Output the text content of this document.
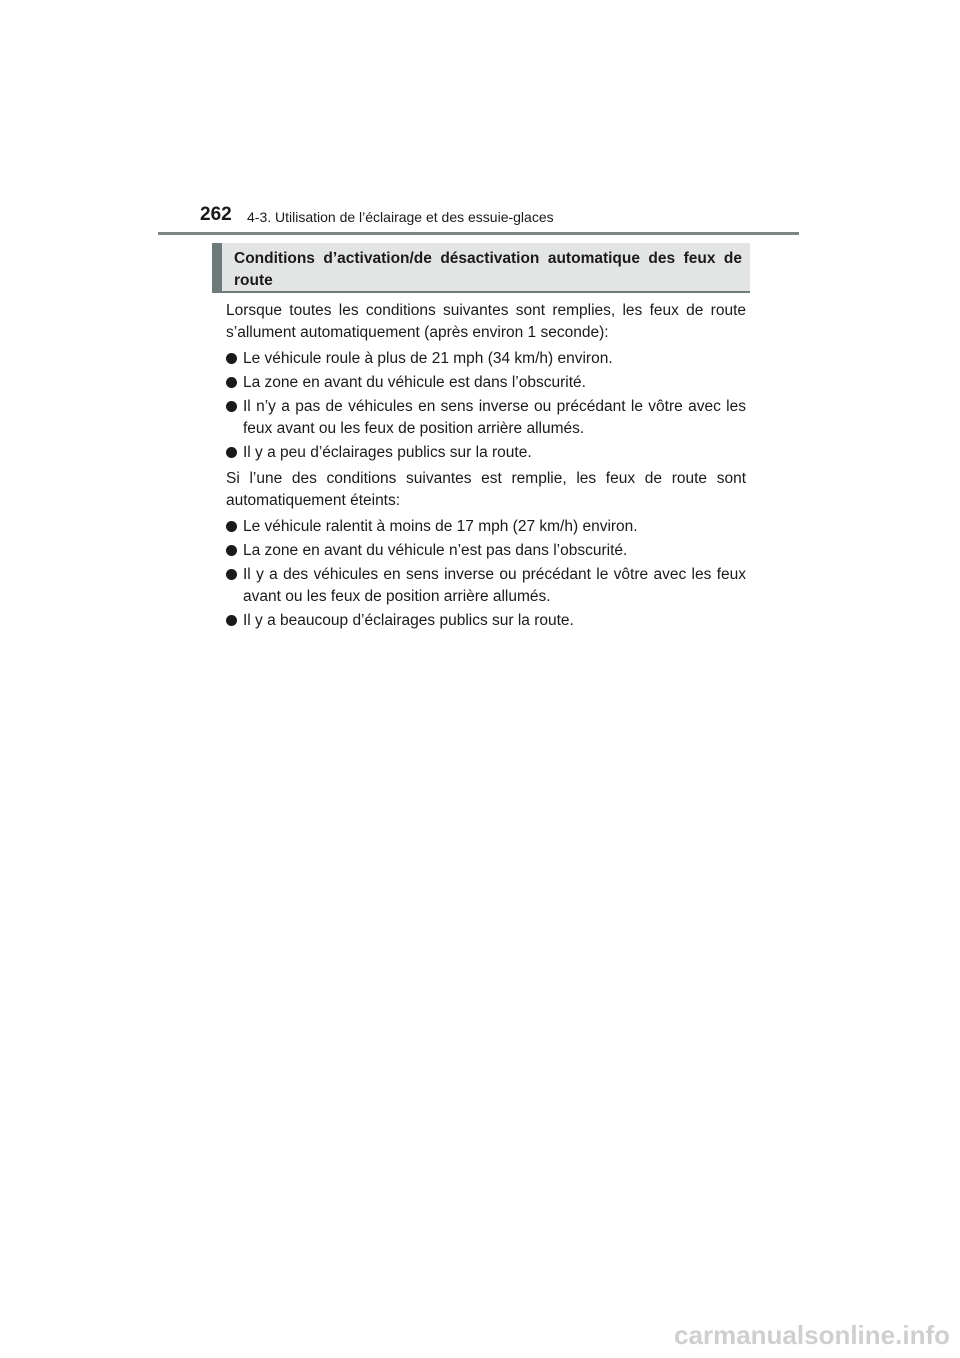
262 4-3. Utilisation de l’éclairage et des essuie-glaces

Conditions d’activation/de désactivation automatique des feux de route

Lorsque toutes les conditions suivantes sont remplies, les feux de route s’allument automatiquement (après environ 1 seconde):

Le véhicule roule à plus de 21 mph (34 km/h) environ.
La zone en avant du véhicule est dans l’obscurité.
Il n’y a pas de véhicules en sens inverse ou précédant le vôtre avec les feux avant ou les feux de position arrière allumés.
Il y a peu d’éclairages publics sur la route.

Si l’une des conditions suivantes est remplie, les feux de route sont automatiquement éteints:

Le véhicule ralentit à moins de 17 mph (27 km/h) environ.
La zone en avant du véhicule n’est pas dans l’obscurité.
Il y a des véhicules en sens inverse ou précédant le vôtre avec les feux avant ou les feux de position arrière allumés.
Il y a beaucoup d’éclairages publics sur la route.
carmanualsonline.info
